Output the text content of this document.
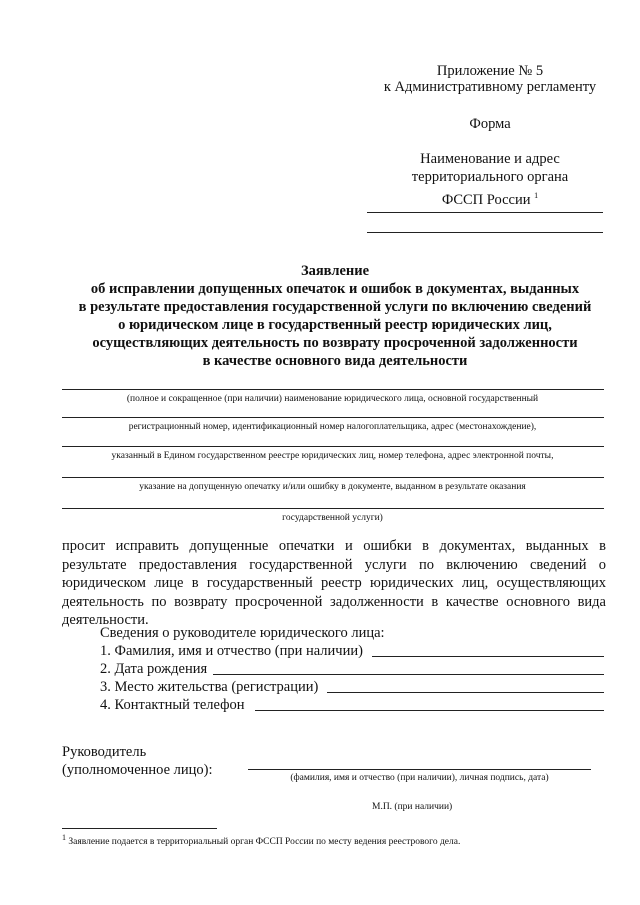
Приложение № 5
к Административному регламенту
Форма
Наименование и адрес
территориального органа
ФССП России $^1$
Заявление
об исправлении допущенных опечаток и ошибок в документах, выданных
в результате предоставления государственной услуги по включению сведений
о юридическом лице в государственный реестр юридических лиц,
осуществляющих деятельность по возврату просроченной задолженности
в качестве основного вида деятельности
(полное и сокращенное (при наличии) наименование юридического лица, основной государственный
регистрационный номер, идентификационный номер налогоплательщика, адрес (местонахождение),
указанный в Едином государственном реестре юридических лиц, номер телефона, адрес электронной почты,
указание на допущенную опечатку и/или ошибку в документе, выданном в результате оказания
государственной услуги)
просит исправить допущенные опечатки и ошибки в документах, выданных в результате предоставления государственной услуги по включению сведений о юридическом лице в государственный реестр юридических лиц, осуществляющих деятельность по возврату просроченной задолженности в качестве основного вида деятельности.
Сведения о руководителе юридического лица:
1. Фамилия, имя и отчество (при наличии)
2. Дата рождения
3. Место жительства (регистрации)
4. Контактный телефон
Руководитель
(уполномоченное лицо):	(фамилия, имя и отчество (при наличии), личная подпись, дата)
М.П. (при наличии)
$^1$ Заявление подается в территориальный орган ФССП России по месту ведения реестрового дела.
